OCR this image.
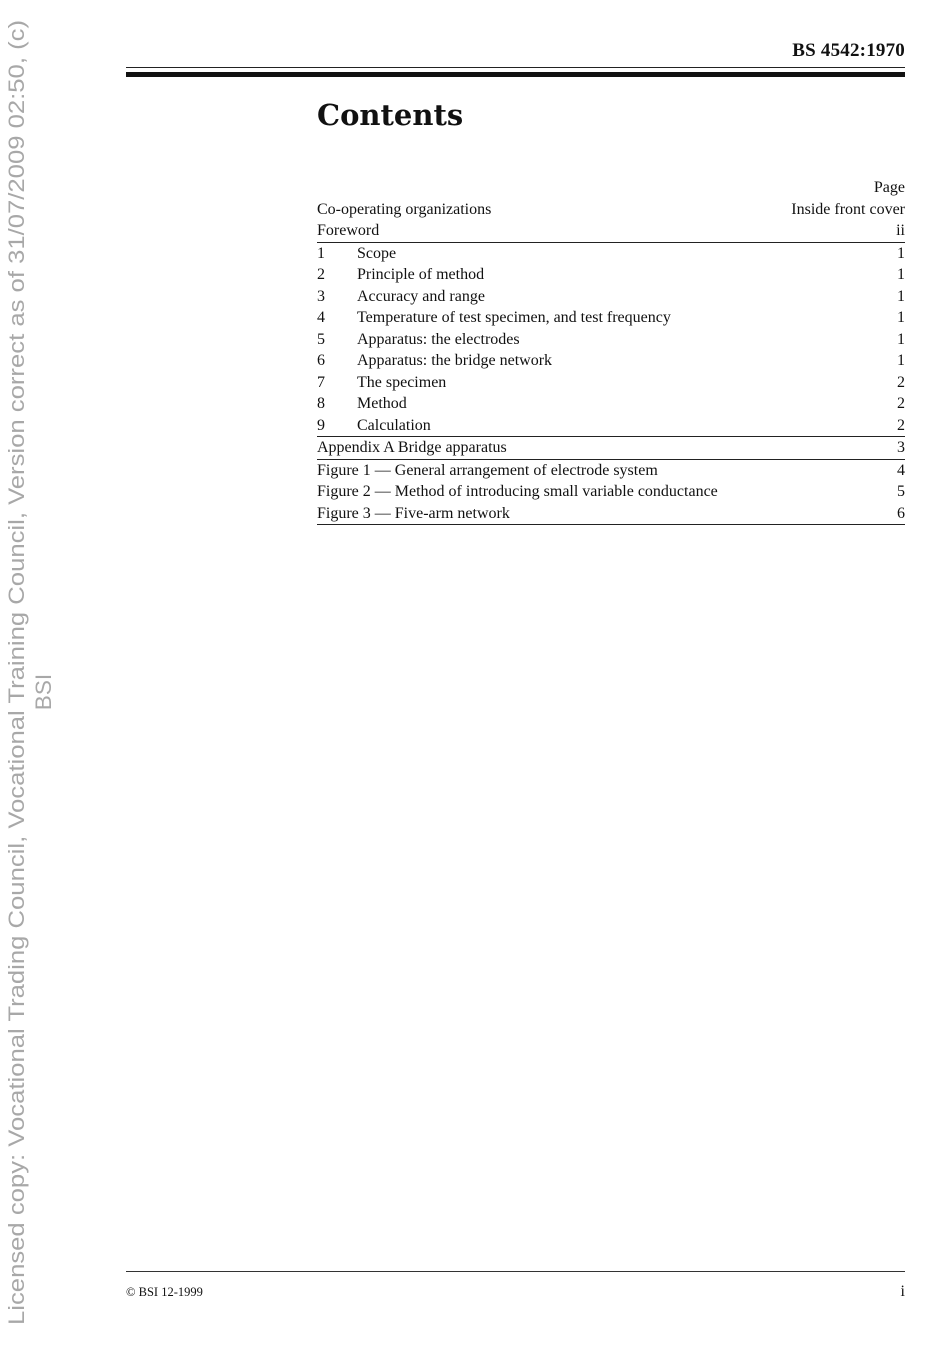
Licensed copy: Vocational Trading Council, Vocational Training Council, Version correct as of 31/07/2009 02:50, (c) BSI
BS 4542:1970
Contents
Page
Co-operating organizations	Inside front cover
Foreword	ii
1	Scope	1
2	Principle of method	1
3	Accuracy and range	1
4	Temperature of test specimen, and test frequency	1
5	Apparatus: the electrodes	1
6	Apparatus: the bridge network	1
7	The specimen	2
8	Method	2
9	Calculation	2
Appendix A Bridge apparatus	3
Figure 1 — General arrangement of electrode system	4
Figure 2 — Method of introducing small variable conductance	5
Figure 3 — Five-arm network	6
© BSI 12-1999	i
